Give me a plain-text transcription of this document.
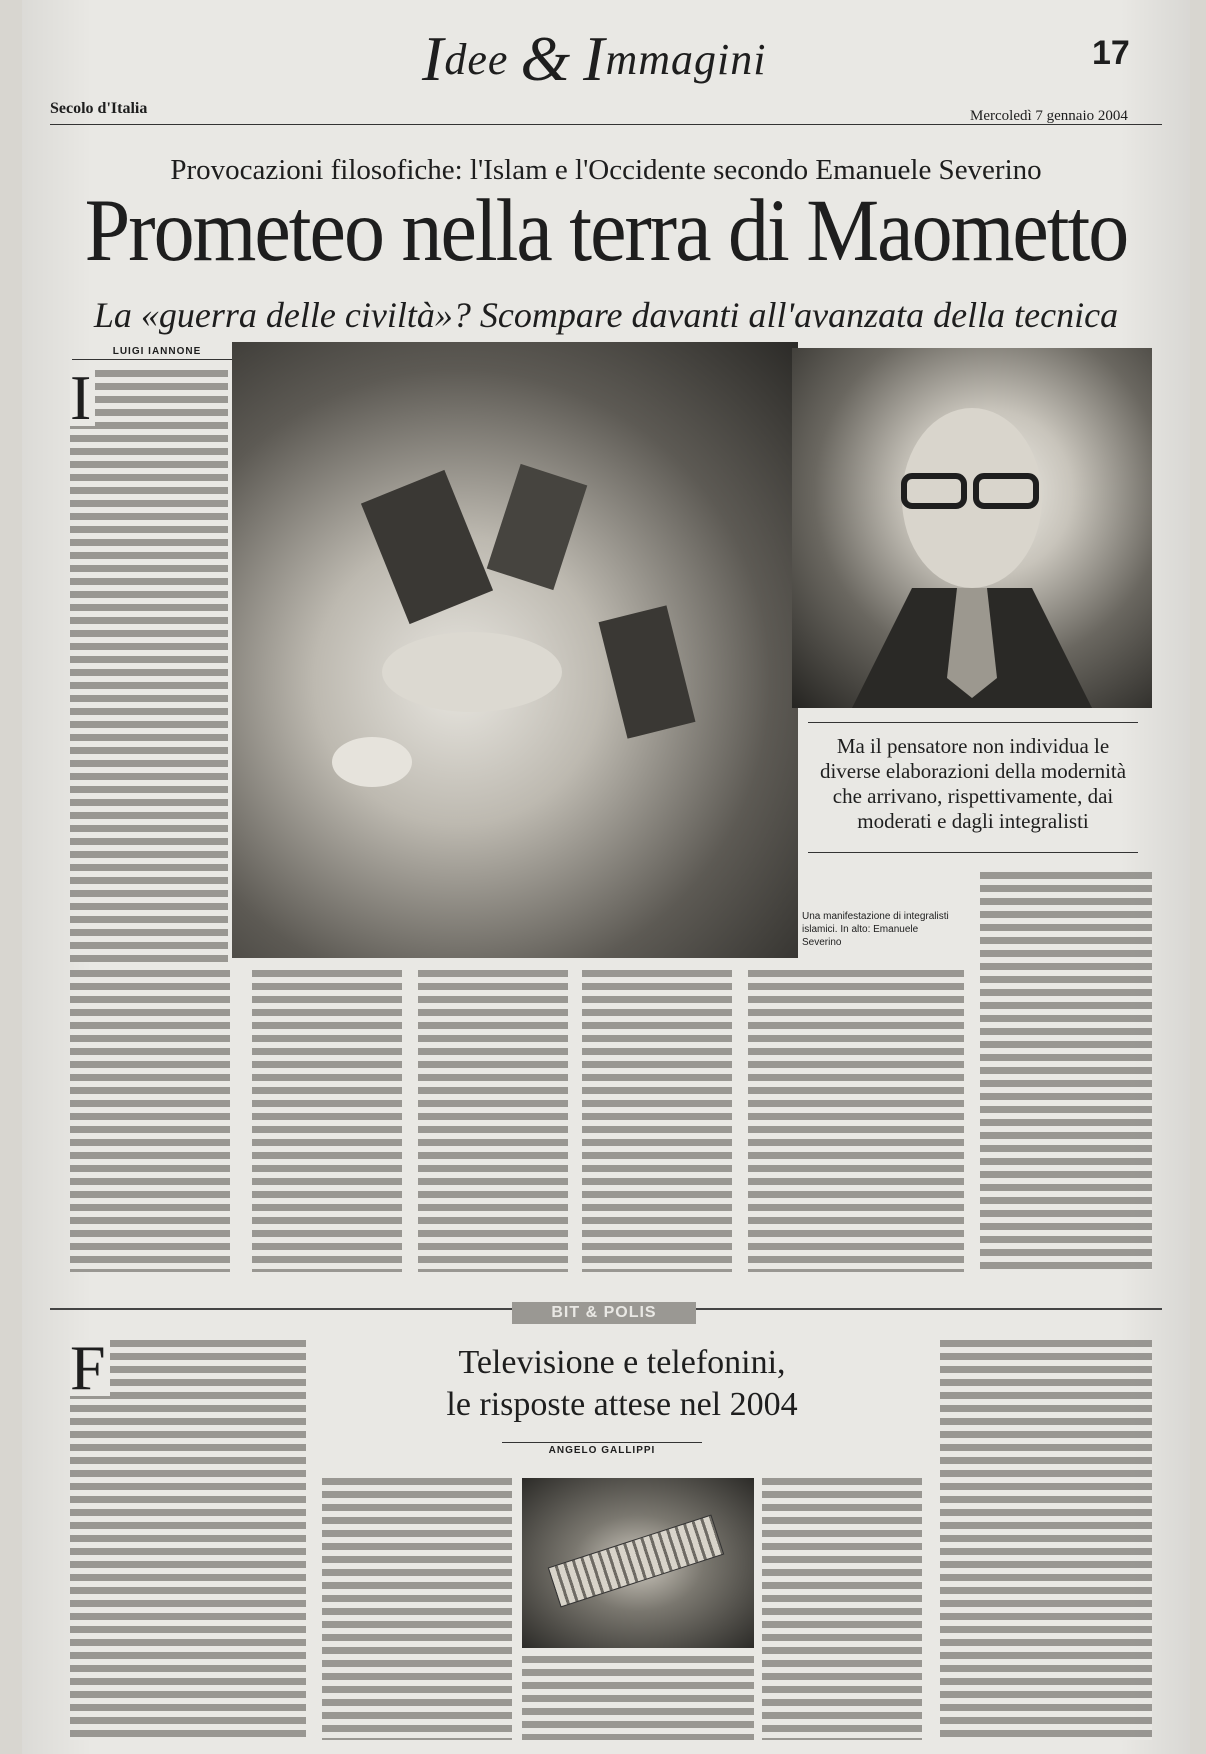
Idee & Immagini	17
Secolo d'Italia	Mercoledì 7 gennaio 2004
Provocazioni filosofiche: l'Islam e l'Occidente secondo Emanuele Severino
Prometeo nella terra di Maometto
La «guerra delle civiltà»? Scompare davanti all'avanzata della tecnica
LUIGI IANNONE
I
Ma il pensatore non individua le diverse elaborazioni della modernità che arrivano, rispettivamente, dai moderati e dagli integralisti
Una manifestazione di integralisti islamici. In alto: Emanuele Severino
BIT & POLIS
F	Televisione e telefonini,
le risposte attese nel 2004
ANGELO GALLIPPI
